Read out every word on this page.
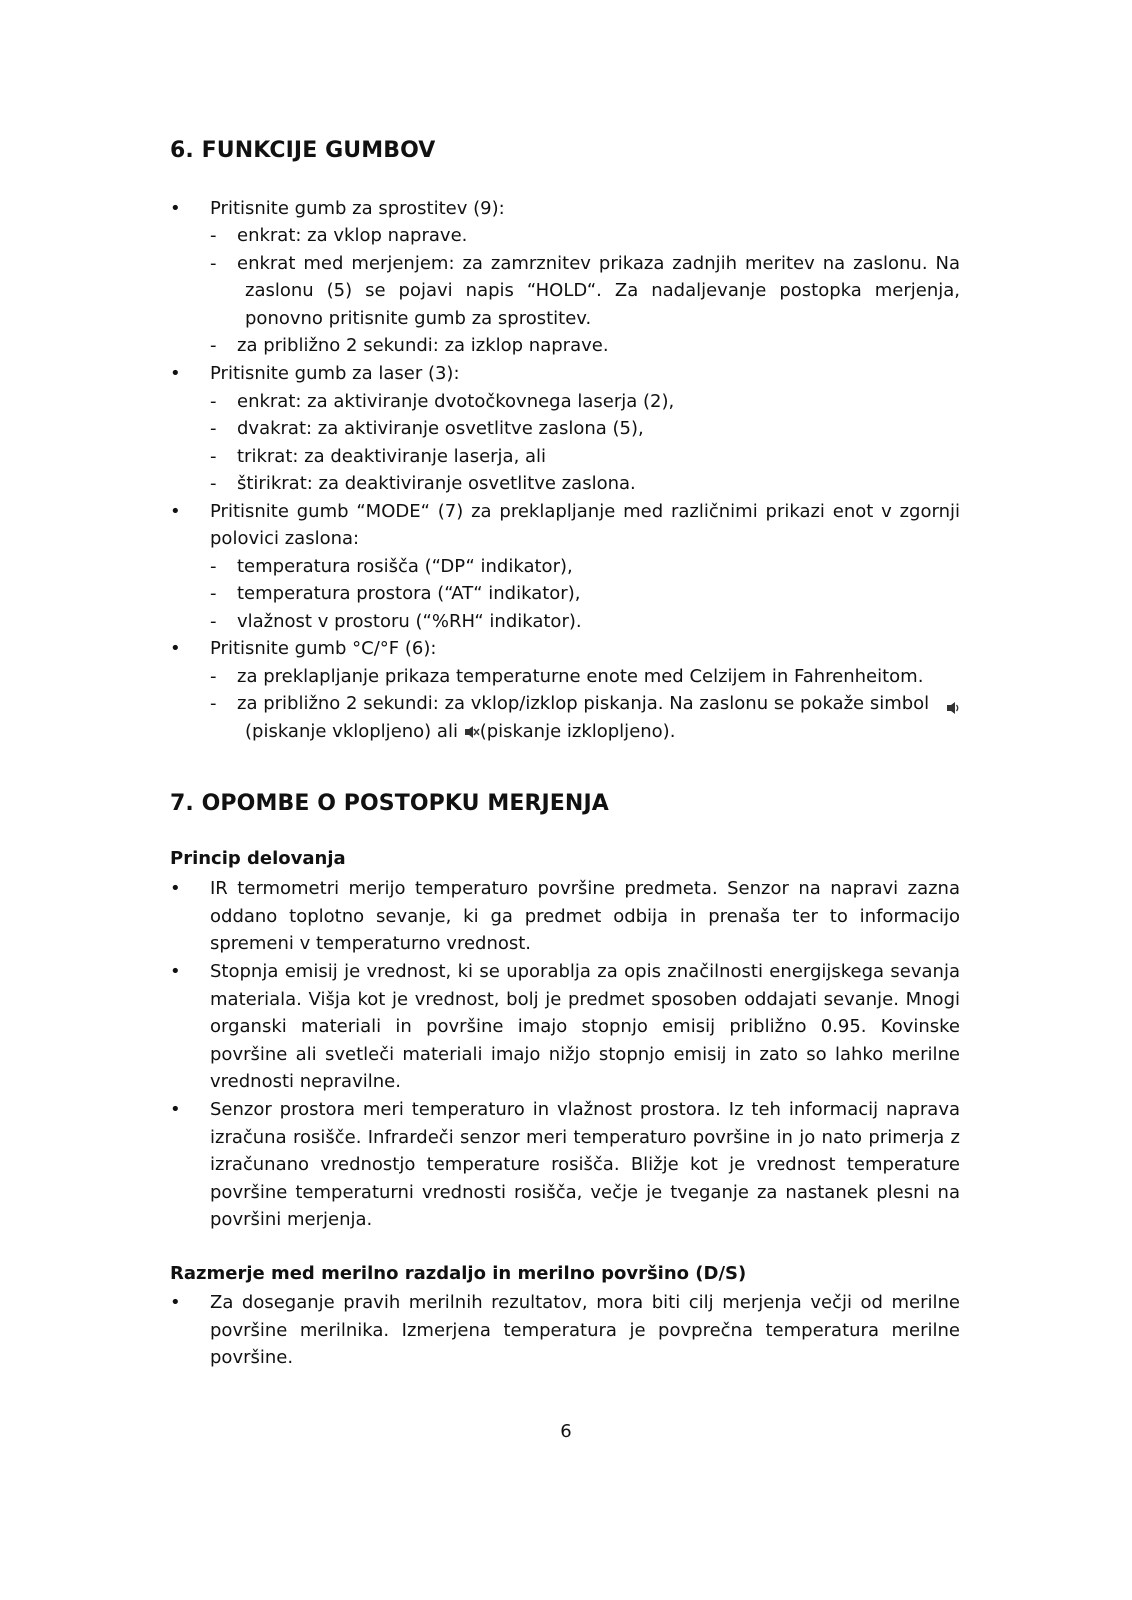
6. FUNKCIJE GUMBOV
•	Pritisnite gumb za sprostitev (9):
-	enkrat: za vklop naprave.
-	enkrat med merjenjem: za zamrznitev prikaza zadnjih meritev na zaslonu. Na
zaslonu (5) se pojavi napis “HOLD“. Za nadaljevanje postopka merjenja,
ponovno pritisnite gumb za sprostitev.
-	za približno 2 sekundi: za izklop naprave.
•	Pritisnite gumb za laser (3):
-	enkrat: za aktiviranje dvotočkovnega laserja (2),
-	dvakrat: za aktiviranje osvetlitve zaslona (5),
-	trikrat: za deaktiviranje laserja, ali
-	štirikrat: za deaktiviranje osvetlitve zaslona.
•	Pritisnite gumb “MODE“ (7) za preklapljanje med različnimi prikazi enot v zgornji
polovici zaslona:
-	temperatura rosišča (“DP“ indikator),
-	temperatura prostora (“AT“ indikator),
-	vlažnost v prostoru (“%RH“ indikator).
•	Pritisnite gumb °C/°F (6):
-	za preklapljanje prikaza temperaturne enote med Celzijem in Fahrenheitom.
-	za približno 2 sekundi: za vklop/izklop piskanja. Na zaslonu se pokaže simbol
(piskanje vklopljeno) ali (piskanje izklopljeno).
7. OPOMBE O POSTOPKU MERJENJA
Princip delovanja
•	IR termometri merijo temperaturo površine predmeta. Senzor na napravi zazna oddano toplotno sevanje, ki ga predmet odbija in prenaša ter to informacijo spremeni v temperaturno vrednost.
•	Stopnja emisij je vrednost, ki se uporablja za opis značilnosti energijskega sevanja materiala. Višja kot je vrednost, bolj je predmet sposoben oddajati sevanje. Mnogi organski materiali in površine imajo stopnjo emisij približno 0.95. Kovinske površine ali svetleči materiali imajo nižjo stopnjo emisij in zato so lahko merilne vrednosti nepravilne.
•	Senzor prostora meri temperaturo in vlažnost prostora. Iz teh informacij naprava izračuna rosišče. Infrardeči senzor meri temperaturo površine in jo nato primerja z izračunano vrednostjo temperature rosišča. Bližje kot je vrednost temperature površine temperaturni vrednosti rosišča, večje je tveganje za nastanek plesni na površini merjenja.
Razmerje med merilno razdaljo in merilno površino (D/S)
•	Za doseganje pravih merilnih rezultatov, mora biti cilj merjenja večji od merilne površine merilnika. Izmerjena temperatura je povprečna temperatura merilne površine.
6
